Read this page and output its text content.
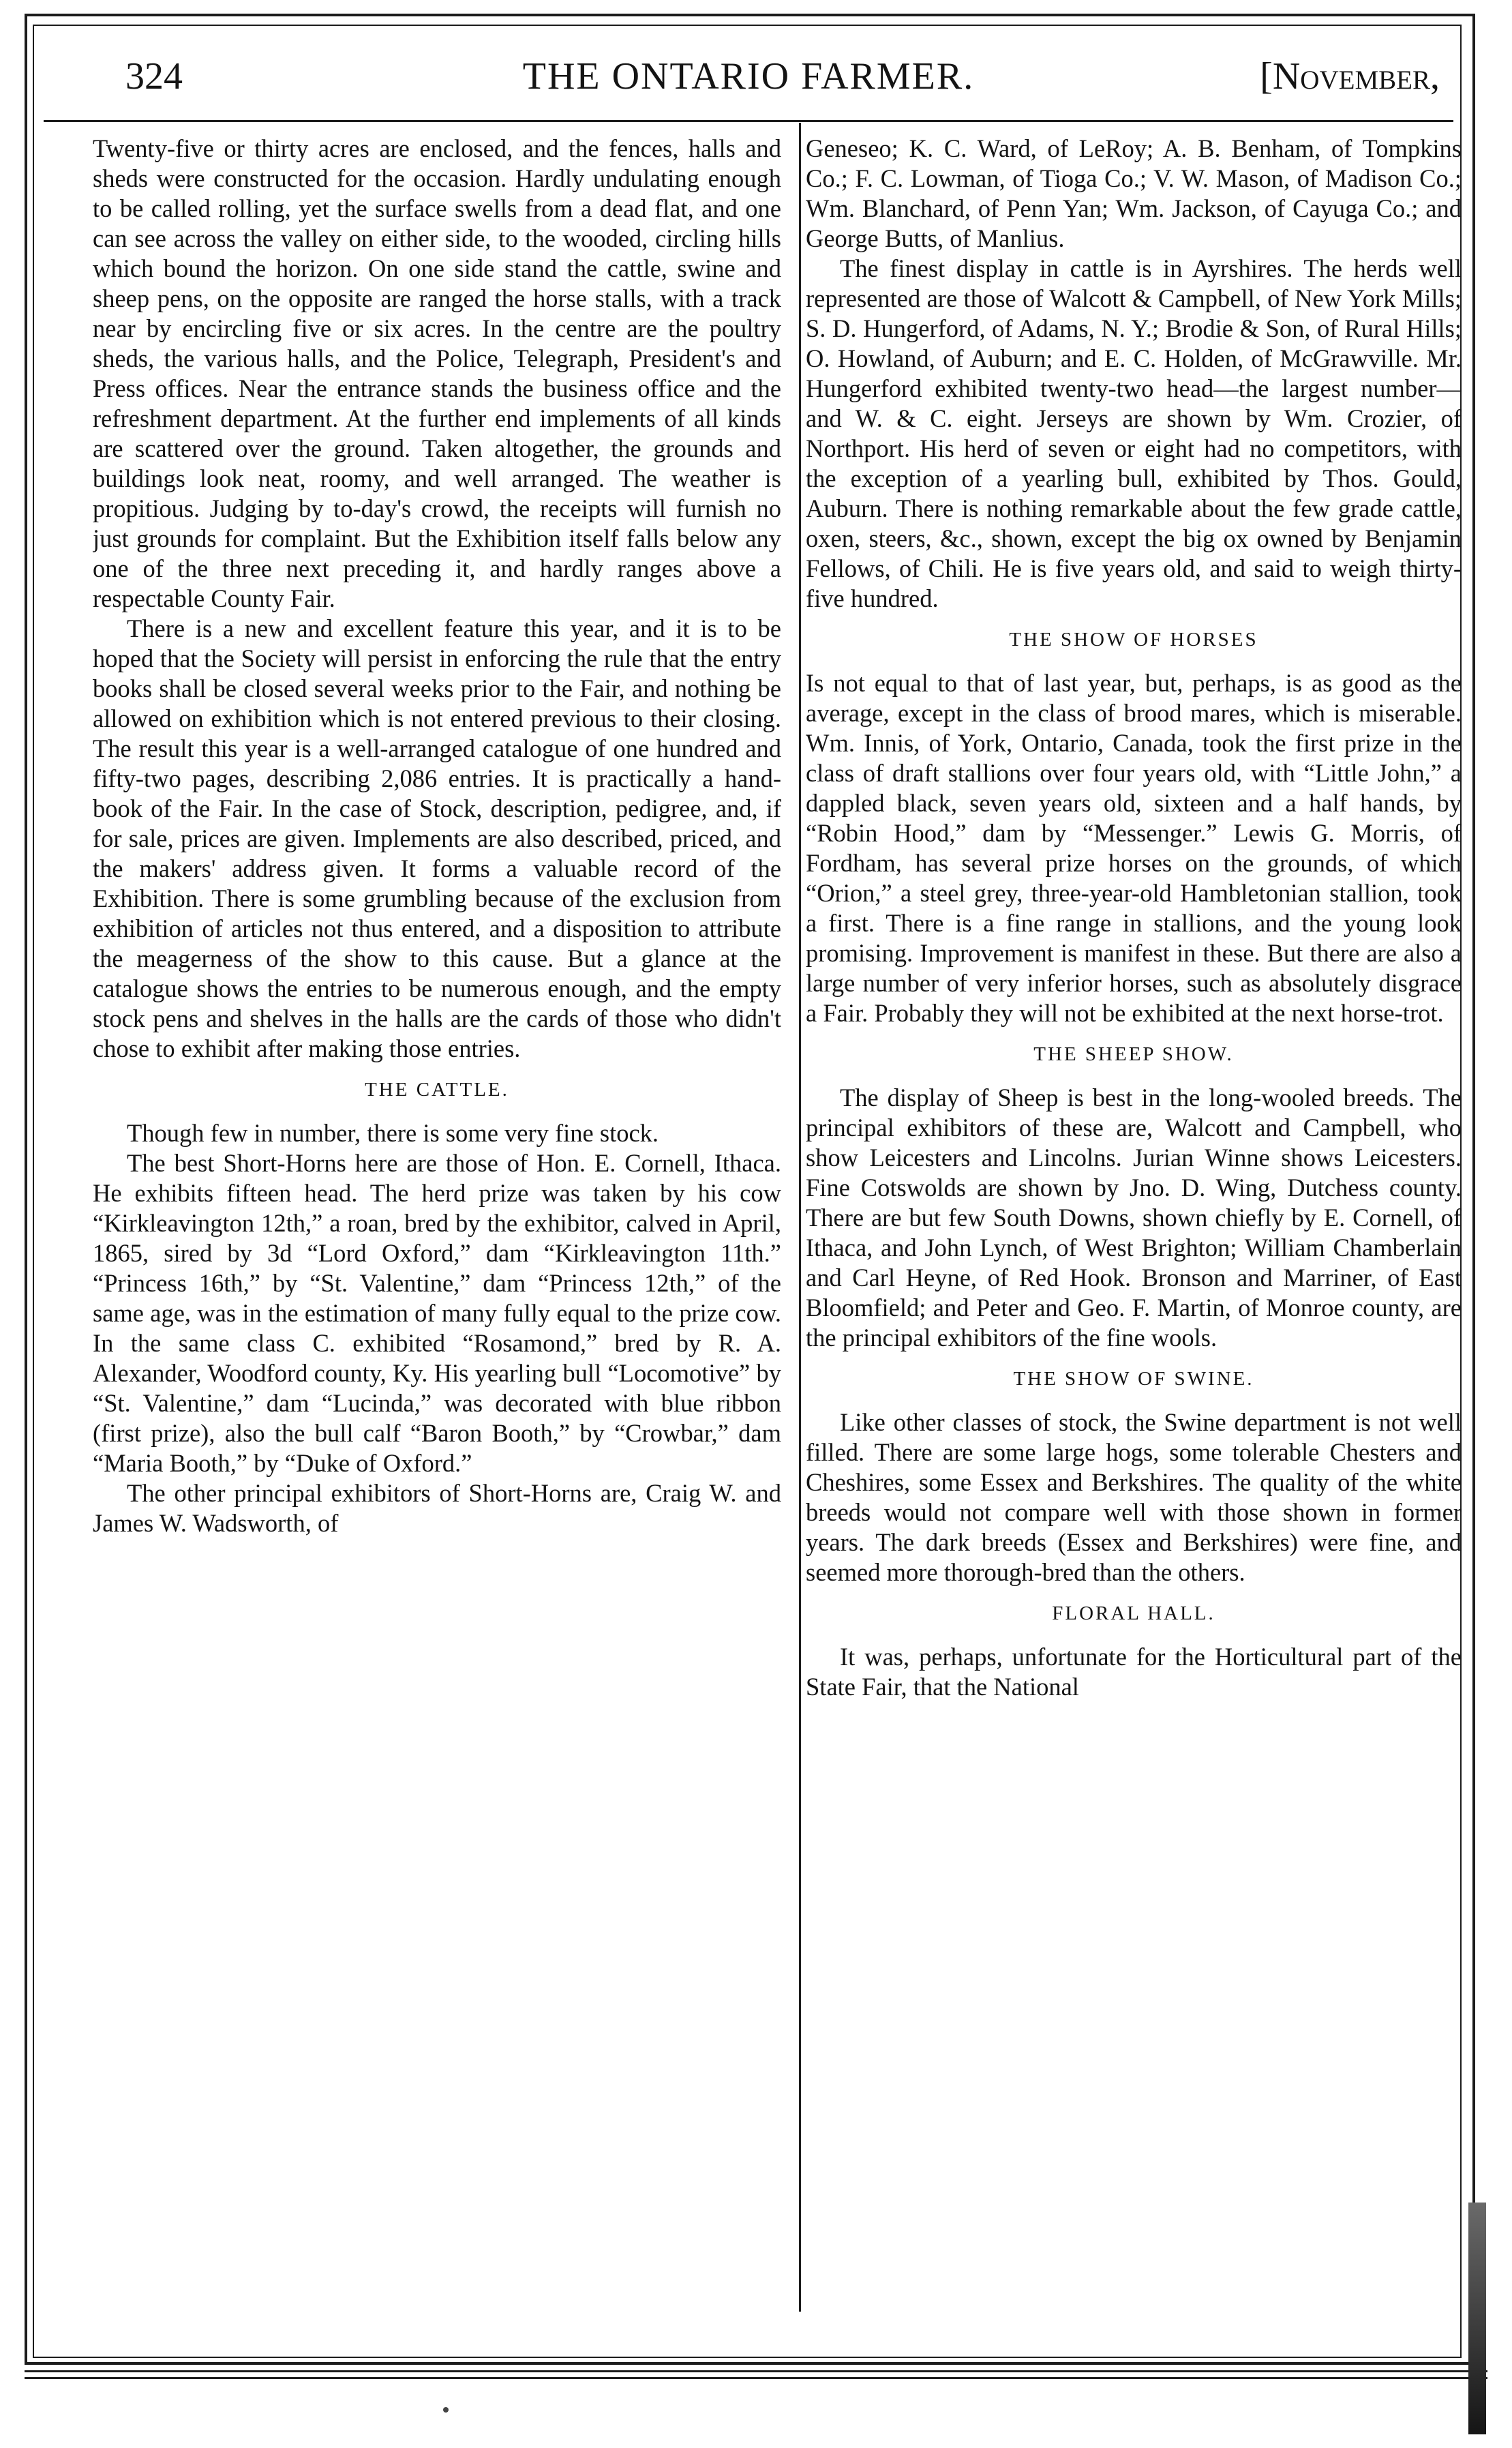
324	THE ONTARIO FARMER.	[November,

Twenty-five or thirty acres are enclosed, and the fences, halls and sheds were constructed for the occasion. Hardly undulating enough to be called rolling, yet the surface swells from a dead flat, and one can see across the valley on either side, to the wooded, circling hills which bound the horizon. On one side stand the cattle, swine and sheep pens, on the opposite are ranged the horse stalls, with a track near by encircling five or six acres. In the centre are the poultry sheds, the various halls, and the Police, Telegraph, President's and Press offices. Near the entrance stands the business office and the refreshment department. At the further end implements of all kinds are scattered over the ground. Taken altogether, the grounds and buildings look neat, roomy, and well arranged. The weather is propitious. Judging by to-day's crowd, the receipts will furnish no just grounds for complaint. But the Exhibition itself falls below any one of the three next preceding it, and hardly ranges above a respectable County Fair.

There is a new and excellent feature this year, and it is to be hoped that the Society will persist in enforcing the rule that the entry books shall be closed several weeks prior to the Fair, and nothing be allowed on exhibition which is not entered previous to their closing. The result this year is a well-arranged catalogue of one hundred and fifty-two pages, describing 2,086 entries. It is practically a hand-book of the Fair. In the case of Stock, description, pedigree, and, if for sale, prices are given. Implements are also described, priced, and the makers' address given. It forms a valuable record of the Exhibition. There is some grumbling because of the exclusion from exhibition of articles not thus entered, and a disposition to attribute the meagerness of the show to this cause. But a glance at the catalogue shows the entries to be numerous enough, and the empty stock pens and shelves in the halls are the cards of those who didn't chose to exhibit after making those entries.

THE CATTLE.

Though few in number, there is some very fine stock.

The best Short-Horns here are those of Hon. E. Cornell, Ithaca. He exhibits fifteen head. The herd prize was taken by his cow “Kirkleavington 12th,” a roan, bred by the exhibitor, calved in April, 1865, sired by 3d “Lord Oxford,” dam “Kirkleavington 11th.” “Princess 16th,” by “St. Valentine,” dam “Princess 12th,” of the same age, was in the estimation of many fully equal to the prize cow. In the same class C. exhibited “Rosamond,” bred by R. A. Alexander, Woodford county, Ky. His yearling bull “Locomotive” by “St. Valentine,” dam “Lucinda,” was decorated with blue ribbon (first prize), also the bull calf “Baron Booth,” by “Crowbar,” dam “Maria Booth,” by “Duke of Oxford.”

The other principal exhibitors of Short-Horns are, Craig W. and James W. Wadsworth, of

Geneseo; K. C. Ward, of LeRoy; A. B. Benham, of Tompkins Co.; F. C. Lowman, of Tioga Co.; V. W. Mason, of Madison Co.; Wm. Blanchard, of Penn Yan; Wm. Jackson, of Cayuga Co.; and George Butts, of Manlius.

The finest display in cattle is in Ayrshires. The herds well represented are those of Walcott & Campbell, of New York Mills; S. D. Hungerford, of Adams, N. Y.; Brodie & Son, of Rural Hills; O. Howland, of Auburn; and E. C. Holden, of McGrawville. Mr. Hungerford exhibited twenty-two head—the largest number—and W. & C. eight. Jerseys are shown by Wm. Crozier, of Northport. His herd of seven or eight had no competitors, with the exception of a yearling bull, exhibited by Thos. Gould, Auburn. There is nothing remarkable about the few grade cattle, oxen, steers, &c., shown, except the big ox owned by Benjamin Fellows, of Chili. He is five years old, and said to weigh thirty-five hundred.

THE SHOW OF HORSES

Is not equal to that of last year, but, perhaps, is as good as the average, except in the class of brood mares, which is miserable. Wm. Innis, of York, Ontario, Canada, took the first prize in the class of draft stallions over four years old, with “Little John,” a dappled black, seven years old, sixteen and a half hands, by “Robin Hood,” dam by “Messenger.” Lewis G. Morris, of Fordham, has several prize horses on the grounds, of which “Orion,” a steel grey, three-year-old Hambletonian stallion, took a first. There is a fine range in stallions, and the young look promising. Improvement is manifest in these. But there are also a large number of very inferior horses, such as absolutely disgrace a Fair. Probably they will not be exhibited at the next horse-trot.

THE SHEEP SHOW.

The display of Sheep is best in the long-wooled breeds. The principal exhibitors of these are, Walcott and Campbell, who show Leicesters and Lincolns. Jurian Winne shows Leicesters. Fine Cotswolds are shown by Jno. D. Wing, Dutchess county. There are but few South Downs, shown chiefly by E. Cornell, of Ithaca, and John Lynch, of West Brighton; William Chamberlain and Carl Heyne, of Red Hook. Bronson and Marriner, of East Bloomfield; and Peter and Geo. F. Martin, of Monroe county, are the principal exhibitors of the fine wools.

THE SHOW OF SWINE.

Like other classes of stock, the Swine department is not well filled. There are some large hogs, some tolerable Chesters and Cheshires, some Essex and Berkshires. The quality of the white breeds would not compare well with those shown in former years. The dark breeds (Essex and Berkshires) were fine, and seemed more thorough-bred than the others.

FLORAL HALL.

It was, perhaps, unfortunate for the Horticultural part of the State Fair, that the National
